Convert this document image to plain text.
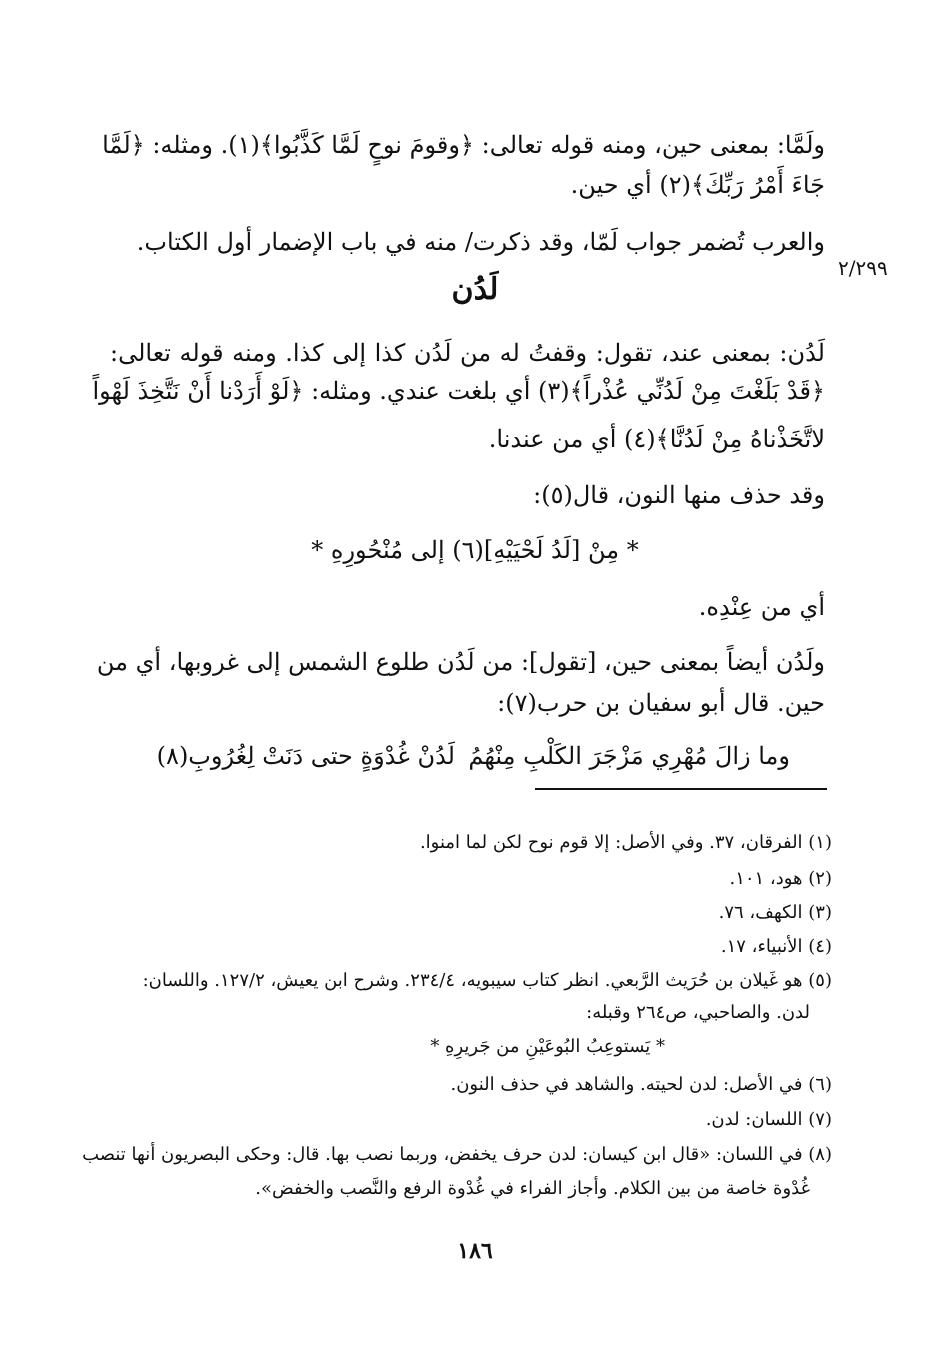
٢/٢٩٩
ولَمَّا: بمعنى حين، ومنه قوله تعالى: ﴿وقومَ نوحٍ لَمَّا كَذَّبُوا﴾(١). ومثله: ﴿لَمَّا
جَاءَ أَمْرُ رَبِّكَ﴾(٢) أي حين.
والعرب تُضمر جواب لَمّا، وقد ذكرت/ منه في باب الإضمار أول الكتاب.
لَدُن
لَدُن: بمعنى عند، تقول: وقفتُ له من لَدُن كذا إلى كذا. ومنه قوله تعالى:
﴿قَدْ بَلَغْتَ مِنْ لَدُنِّي عُذْراً﴾(٣) أي بلغت عندي. ومثله: ﴿لَوْ أَرَدْنا أَنْ نَتَّخِذَ لَهْواً
لاتَّخَذْناهُ مِنْ لَدُنَّا﴾(٤) أي من عندنا.
وقد حذف منها النون، قال(٥):
* مِنْ [لَدُ لَحْيَيْهِ](٦) إلى مُنْحُورِهِ *
أي من عِنْدِه.
ولَدُن أيضاً بمعنى حين، [تقول]: من لَدُن طلوع الشمس إلى غروبها، أي من
حين. قال أبو سفيان بن حرب(٧):
وما زالَ مُهْرِي مَزْجَرَ الكَلْبِ مِنْهُمُ
لَدُنْ غُدْوَةٍ حتى دَنَتْ لِغُرُوبِ(٨)
(١) الفرقان، ٣٧. وفي الأصل: إلا قوم نوح لكن لما امنوا.
(٢) هود، ١٠١.
(٣) الكهف، ٧٦.
(٤) الأنبياء، ١٧.
(٥) هو غَيلان بن حُرَيث الرَّبعي. انظر كتاب سيبويه، ٢٣٤/٤. وشرح ابن يعيش، ١٢٧/٢. واللسان:
لدن. والصاحبي، ص٢٦٤ وقبله:
* يَستوعِبُ البُوعَيْنِ من جَريرِهِ *
(٦) في الأصل: لدن لحيته. والشاهد في حذف النون.
(٧) اللسان: لدن.
(٨) في اللسان: «قال ابن كيسان: لدن حرف يخفض، وربما نصب بها. قال: وحكى البصريون أنها تنصب
غُدْوة خاصة من بين الكلام. وأجاز الفراء في غُدْوة الرفع والنَّصب والخفض».
١٨٦
